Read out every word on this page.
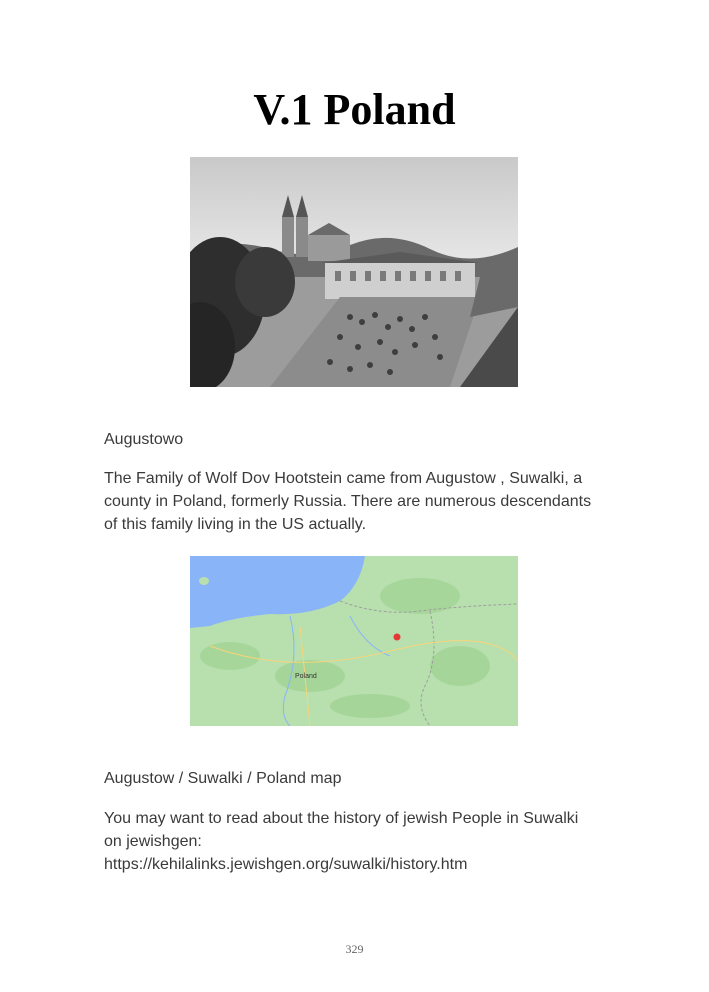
V.1 Poland

Augustowo

The Family of Wolf Dov Hootstein came from Augustow , Suwalki, a
county in Poland, formerly Russia. There are numerous descendants
of this family living in the US actually.

Poland

Augustow / Suwalki / Poland map

You may want to read about the history of jewish People in Suwalki
on jewishgen:
https://kehilalinks.jewishgen.org/suwalki/history.htm

329
